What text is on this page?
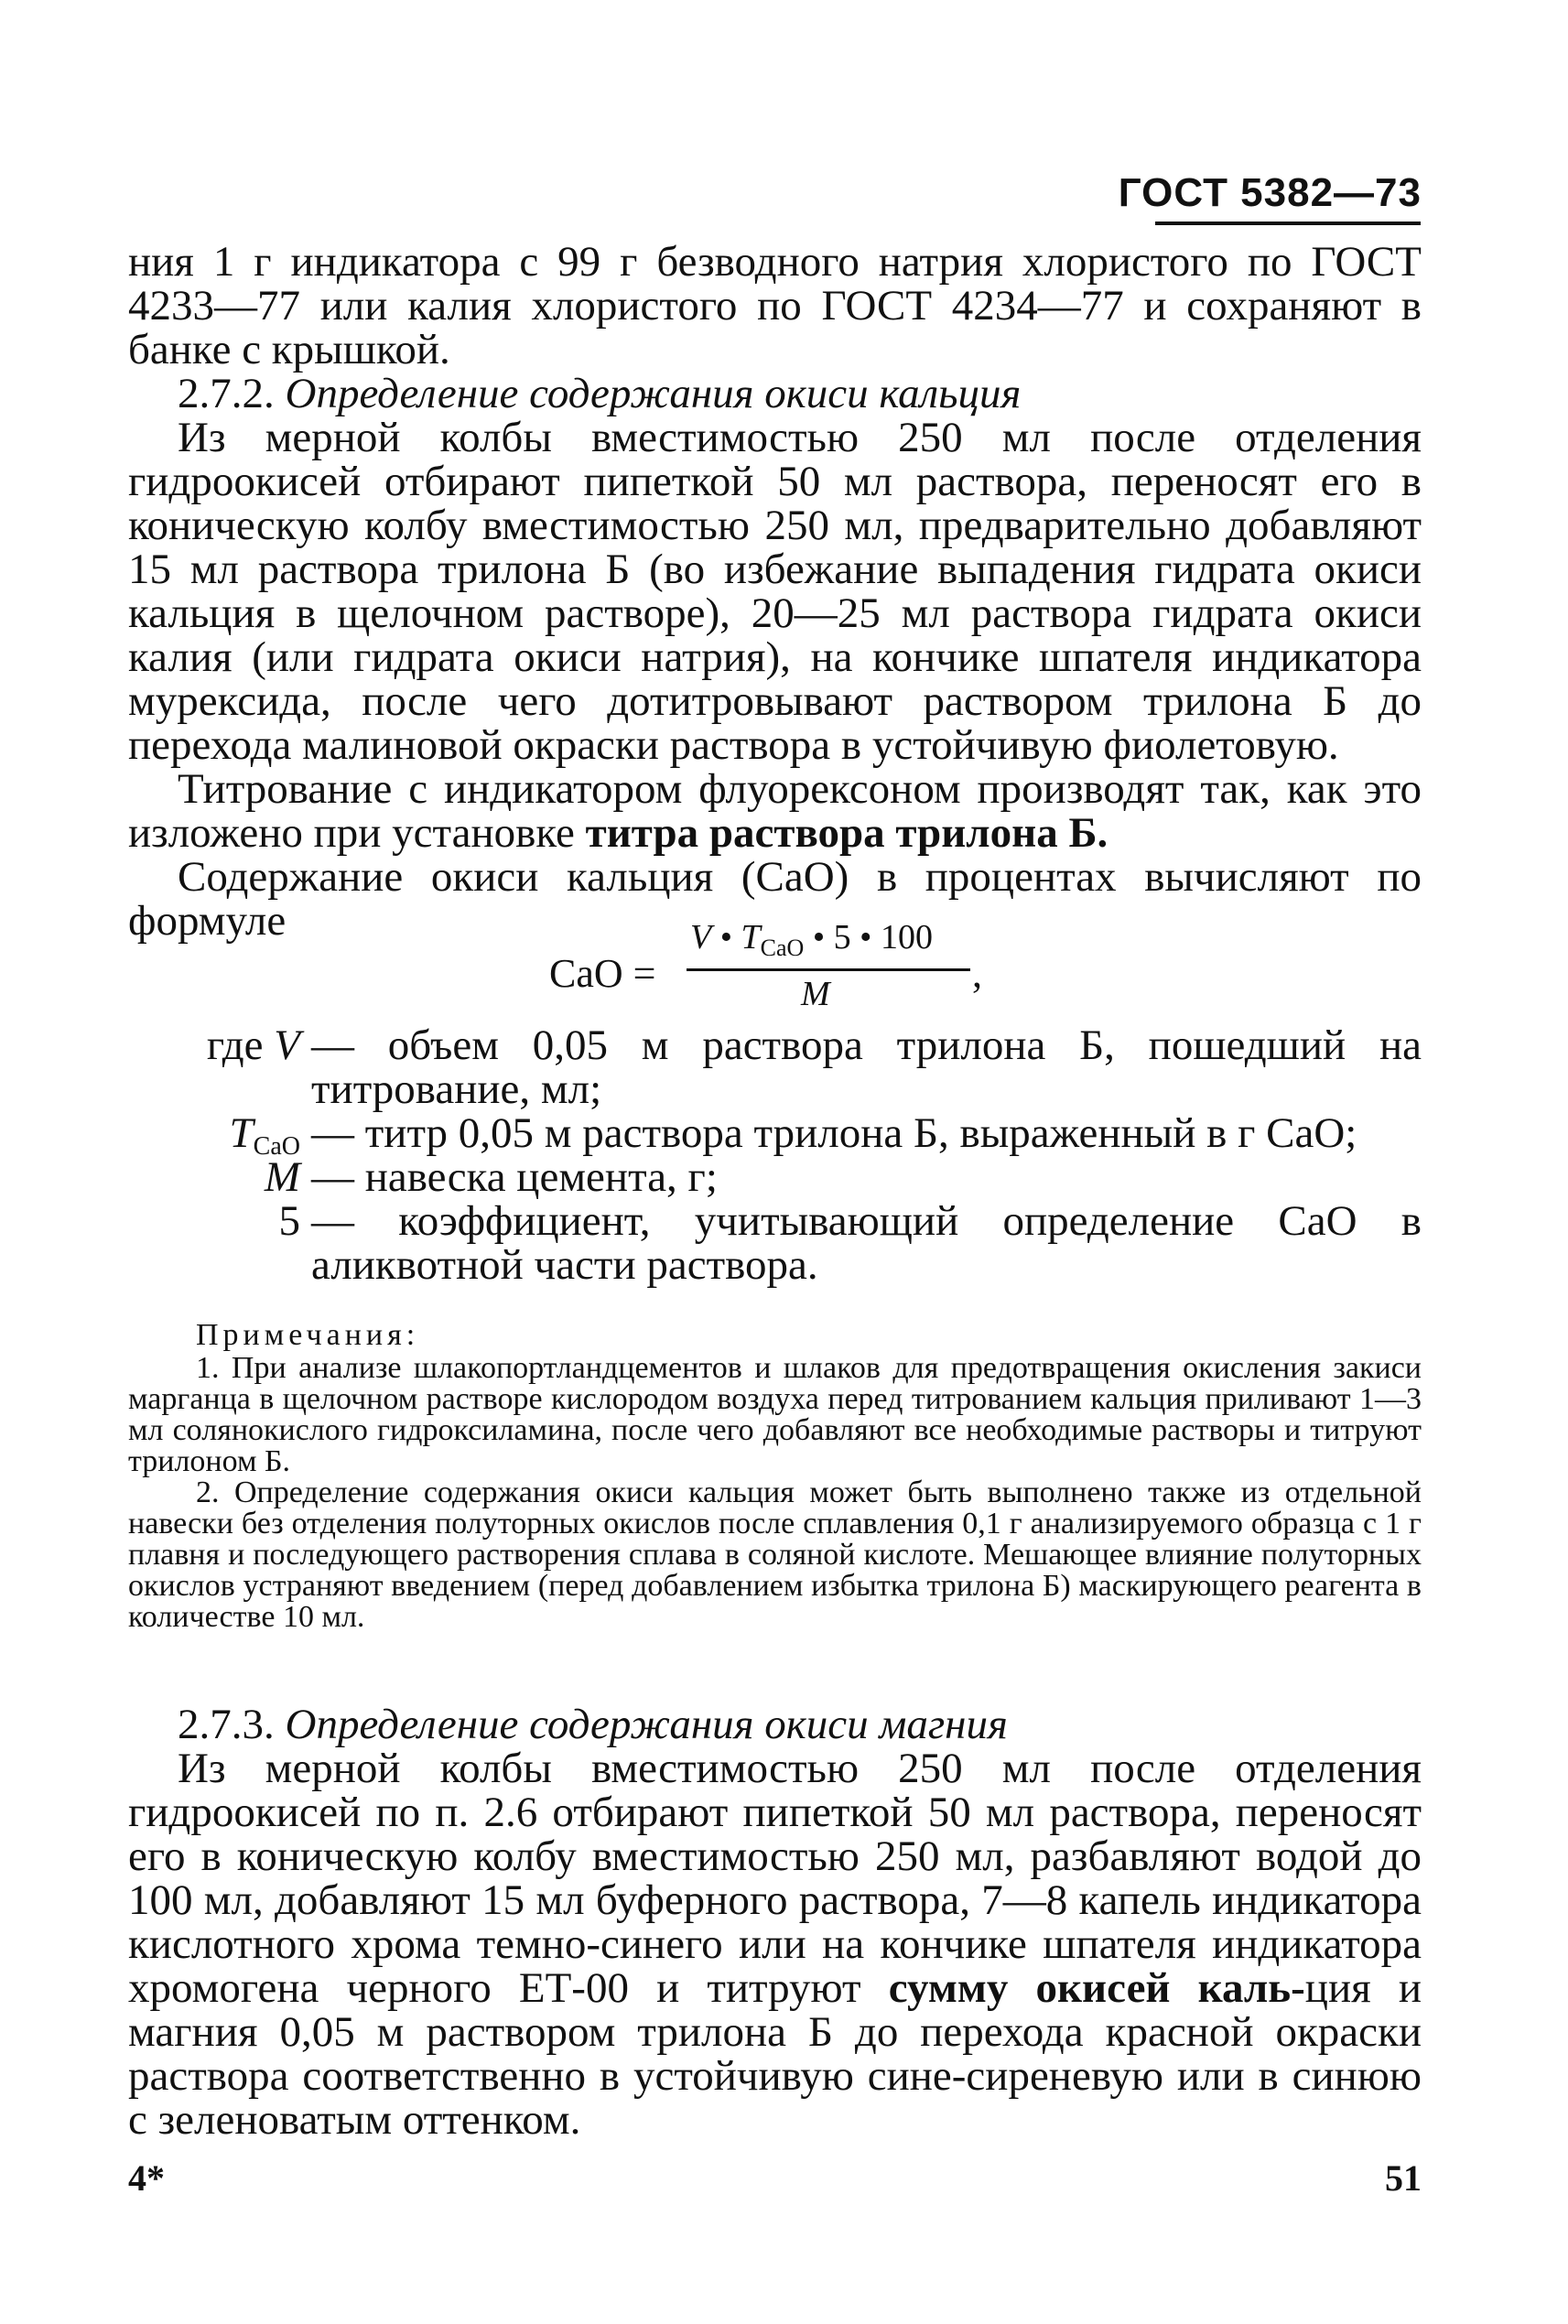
ГОСТ 5382—73

ния 1 г индикатора с 99 г безводного натрия хлористого по ГОСТ 4233—77 или калия хлористого по ГОСТ 4234—77 и сохраняют в банке с крышкой.

2.7.2. Определение содержания окиси кальция

Из мерной колбы вместимостью 250 мл после отделения гидроокисей отбирают пипеткой 50 мл раствора, переносят его в коническую колбу вместимостью 250 мл, предварительно добавляют 15 мл раствора трилона Б (во избежание выпадения гидрата окиси кальция в щелочном растворе), 20—25 мл раствора гидрата окиси калия (или гидрата окиси натрия), на кончике шпателя индикатора мурексида, после чего дотитровывают раствором трилона Б до перехода малиновой окраски раствора в устойчивую фиолетовую.

Титрование с индикатором флуорексоном производят так, как это изложено при установке титра раствора трилона Б.

Содержание окиси кальция (CaO) в процентах вычисляют по формуле

CaO =
V • $T_{CaO}$ • 5 • 100
M	,
где V — объем 0,05 м раствора трилона Б, пошедший на титрование, мл;
TCaO — титр 0,05 м раствора трилона Б, выраженный в г CaO;
M — навеска цемента, г;
5 — коэффициент, учитывающий определение CaO в аликвотной части раствора.

Примечания:

1. При анализе шлакопортландцементов и шлаков для предотвращения окисления закиси марганца в щелочном растворе кислородом воздуха перед титрованием кальция приливают 1—3 мл солянокислого гидроксиламина, после чего добавляют все необходимые растворы и титруют трилоном Б.

2. Определение содержания окиси кальция может быть выполнено также из отдельной навески без отделения полуторных окислов после сплавления 0,1 г анализируемого образца с 1 г плавня и последующего растворения сплава в соляной кислоте. Мешающее влияние полуторных окислов устраняют введением (перед добавлением избытка трилона Б) маскирующего реагента в количестве 10 мл.

2.7.3. Определение содержания окиси магния

Из мерной колбы вместимостью 250 мл после отделения гидроокисей по п. 2.6 отбирают пипеткой 50 мл раствора, переносят его в коническую колбу вместимостью 250 мл, разбавляют водой до 100 мл, добавляют 15 мл буферного раствора, 7—8 капель индикатора кислотного хрома темно-синего или на кончике шпателя индикатора хромогена черного ЕТ-00 и титруют сумму окисей каль-ция и магния 0,05 м раствором трилона Б до перехода красной окраски раствора соответственно в устойчивую сине-сиреневую или в синюю с зеленоватым оттенком.

4*	51
